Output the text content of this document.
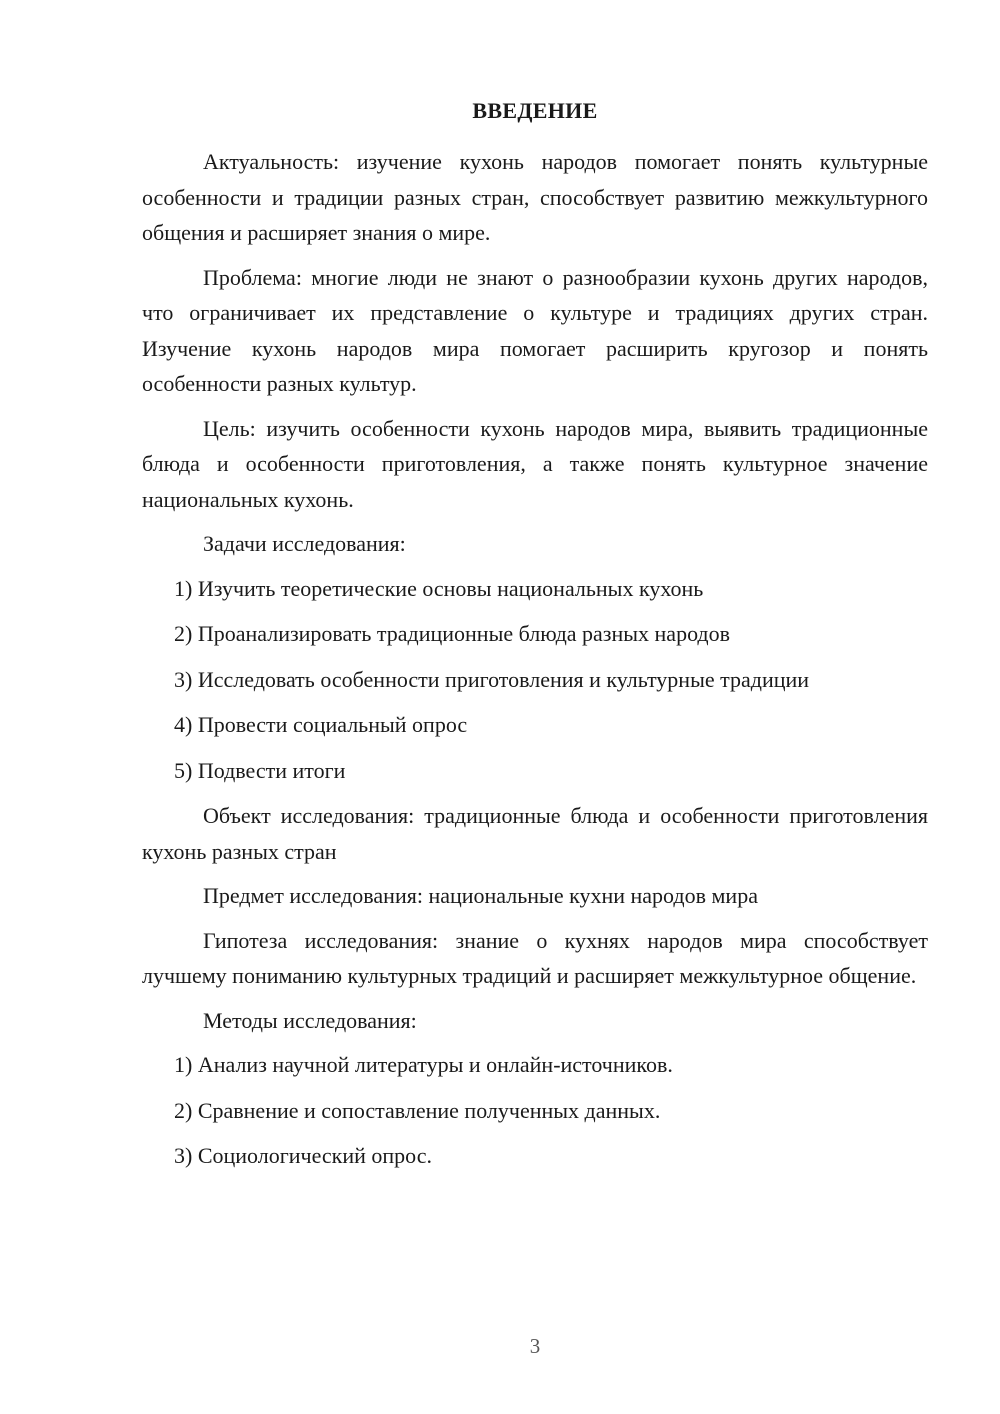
ВВЕДЕНИЕ

Актуальность: изучение кухонь народов помогает понять культурные особенности и традиции разных стран, способствует развитию межкультурного общения и расширяет знания о мире.

Проблема: многие люди не знают о разнообразии кухонь других народов, что ограничивает их представление о культуре и традициях других стран. Изучение кухонь народов мира помогает расширить кругозор и понять особенности разных культур.

Цель: изучить особенности кухонь народов мира, выявить традиционные блюда и особенности приготовления, а также понять культурное значение национальных кухонь.

Задачи исследования:

1) Изучить теоретические основы национальных кухонь
2) Проанализировать традиционные блюда разных народов
3) Исследовать особенности приготовления и культурные традиции
4) Провести социальный опрос
5) Подвести итоги

Объект исследования: традиционные блюда и особенности приготовления кухонь разных стран

Предмет исследования: национальные кухни народов мира

Гипотеза исследования: знание о кухнях народов мира способствует лучшему пониманию культурных традиций и расширяет межкультурное общение.

Методы исследования:

1) Анализ научной литературы и онлайн-источников.
2) Сравнение и сопоставление полученных данных.
3) Социологический опрос.
3
